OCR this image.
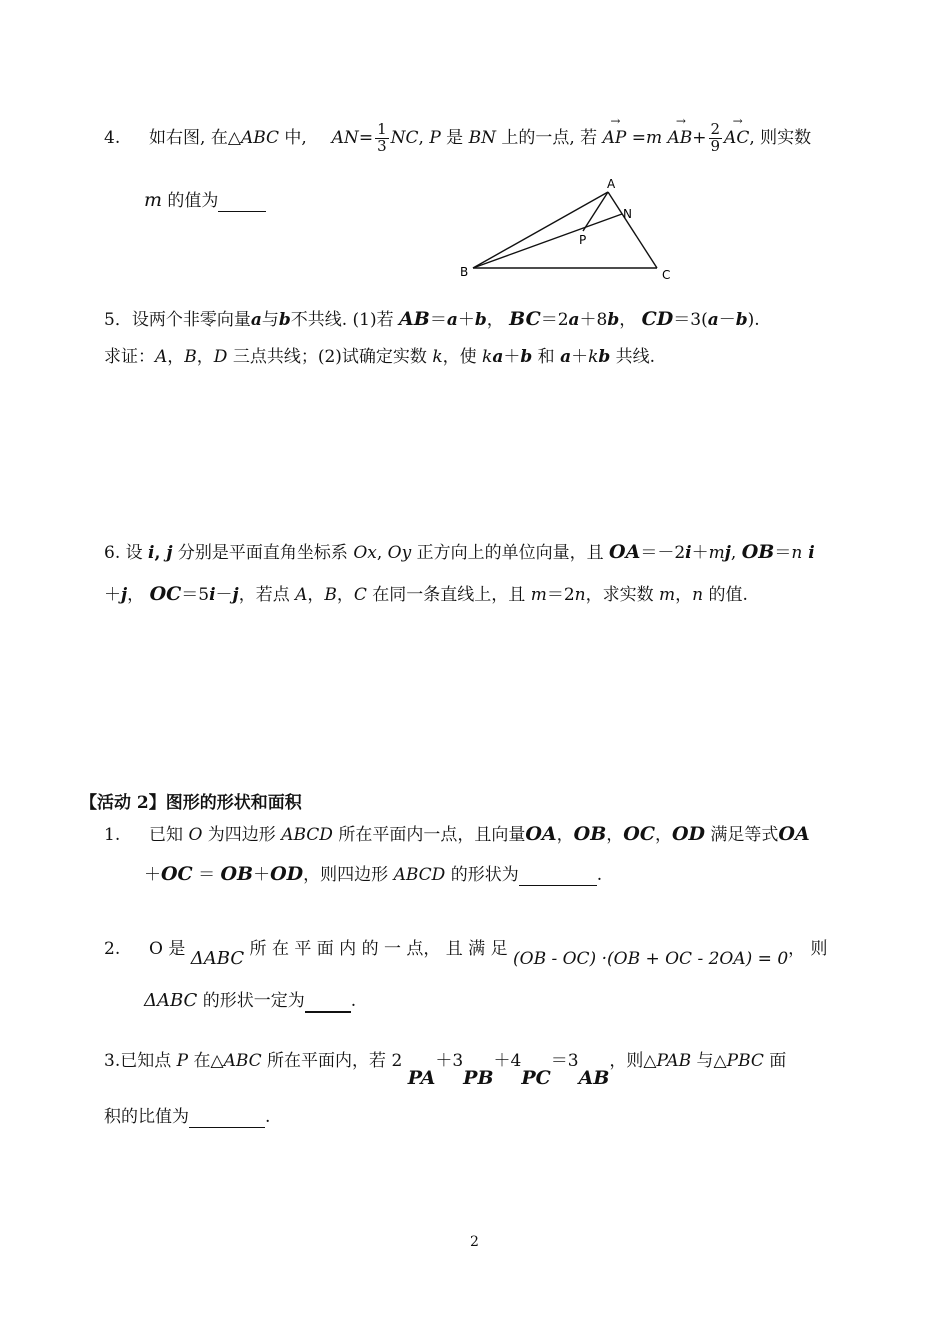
4. 如右图, 在△ABC 中, $AN= \frac{1}{3}$ NC, P 是 BN 上的一点, 若 → AP $=m \to AB+ \frac{2}{9}$
→ AC, 则实数
m 的值为
A
N
P
B	C
5．设两个非零向量a与b不共线. (1)若 AB＝a＋b， BC＝2a＋8b， CD＝3(a－b).
求证：A，B，D 三点共线；(2)试确定实数 k，使 ka＋b 和 a＋kb 共线.
6. 设 i, j 分别是平面直角坐标系 Ox, Oy 正方向上的单位向量，且 OA＝－2i＋mj, OB＝n i
＋j， OC＝5i－j，若点 A，B，C 在同一条直线上，且 m＝2n，求实数 m，n 的值.
【活动 2】图形的形状和面积
1. 已知 O 为四边形 ABCD 所在平面内一点，且向量OA，OB，OC，OD 满足等式OA
＋OC ＝ OB＋OD，则四边形 ABCD 的形状为	.
2. O 是 ΔABC 所 在 平 面 内 的 一 点， 且 满 足 (OB - OC) ·(OB + OC - 2OA) = 0， 则
ΔABC 的形状一定为	.
3.已知点 P 在△ABC 所在平面内，若 2 PA＋3PB＋4PC＝3AB，则△PAB 与△PBC 面
积的比值为	.
2
